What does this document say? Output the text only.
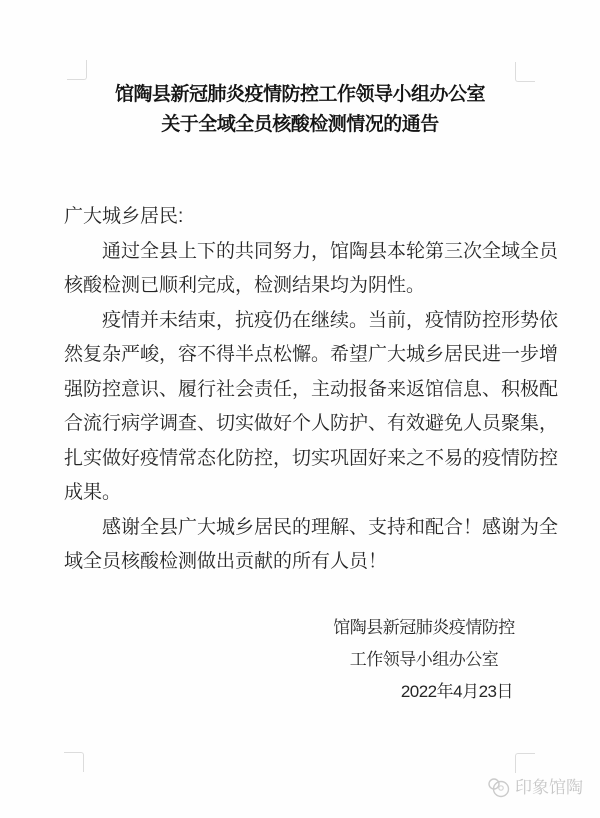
馆陶县新冠肺炎疫情防控工作领导小组办公室
关于全域全员核酸检测情况的通告
广大城乡居民:
通过全县上下的共同努力，馆陶县本轮第三次全域全员
核酸检测已顺利完成，检测结果均为阴性。
疫情并未结束，抗疫仍在继续。当前，疫情防控形势依
然复杂严峻，容不得半点松懈。希望广大城乡居民进一步增
强防控意识、履行社会责任，主动报备来返馆信息、积极配
合流行病学调查、切实做好个人防护、有效避免人员聚集，
扎实做好疫情常态化防控，切实巩固好来之不易的疫情防控
成果。
感谢全县广大城乡居民的理解、支持和配合！感谢为全
域全员核酸检测做出贡献的所有人员！
馆陶县新冠肺炎疫情防控
工作领导小组办公室
2022年4月23日
印象馆陶
